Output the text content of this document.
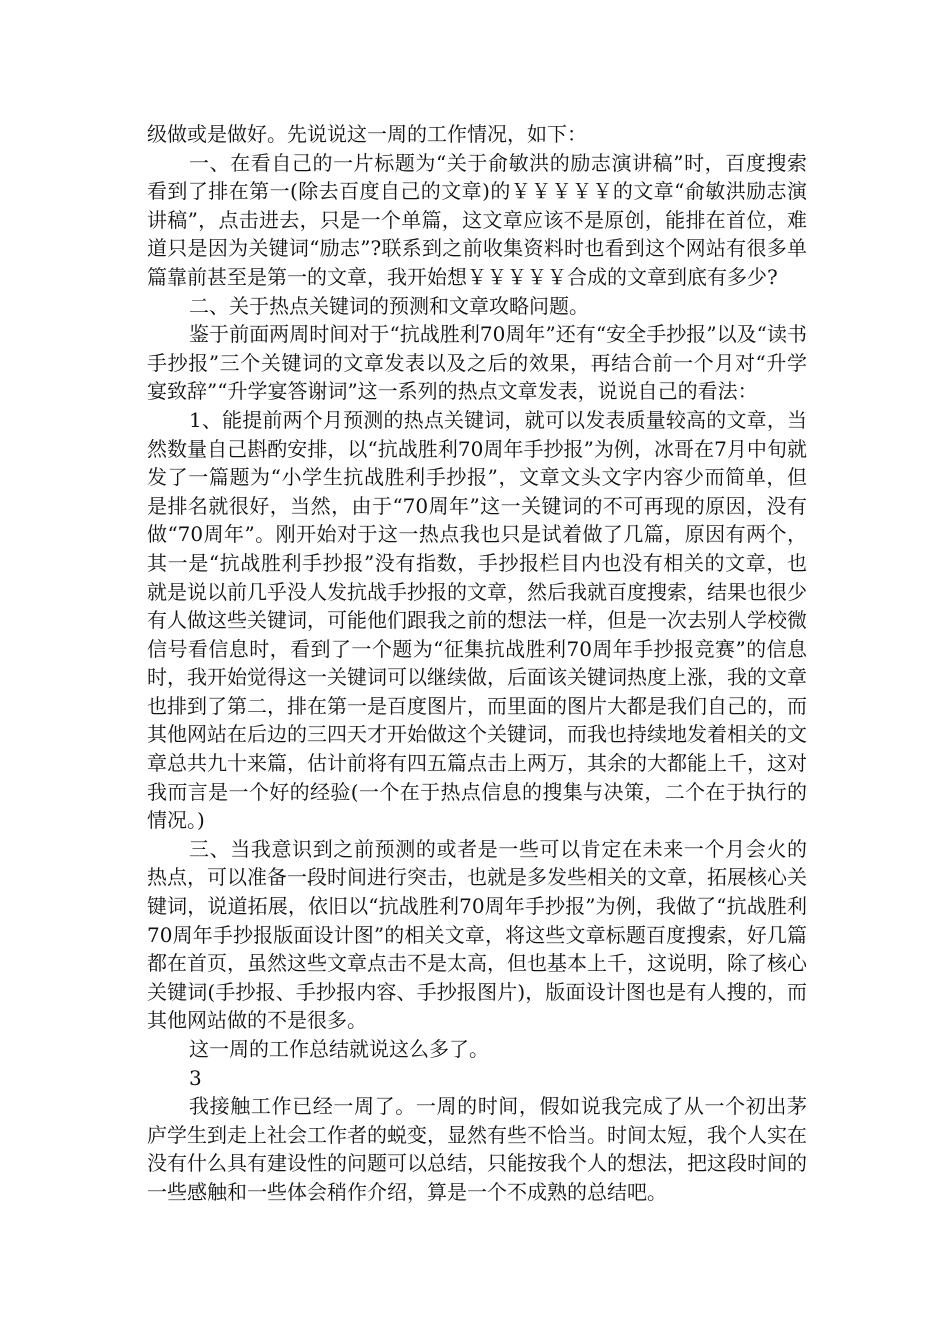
级做或是做好。先说说这一周的工作情况，如下：

一、在看自己的一片标题为“关于俞敏洪的励志演讲稿”时，百度搜索看到了排在第一(除去百度自己的文章)的￥￥￥￥￥的文章“俞敏洪励志演讲稿”，点击进去，只是一个单篇，这文章应该不是原创，能排在首位，难道只是因为关键词“励志”?联系到之前收集资料时也看到这个网站有很多单篇靠前甚至是第一的文章，我开始想￥￥￥￥￥合成的文章到底有多少?

二、关于热点关键词的预测和文章攻略问题。

鉴于前面两周时间对于“抗战胜利70周年”还有“安全手抄报”以及“读书手抄报”三个关键词的文章发表以及之后的效果，再结合前一个月对“升学宴致辞”“升学宴答谢词”这一系列的热点文章发表，说说自己的看法：

1、能提前两个月预测的热点关键词，就可以发表质量较高的文章，当然数量自己斟酌安排，以“抗战胜利70周年手抄报”为例，冰哥在7月中旬就发了一篇题为“小学生抗战胜利手抄报”，文章文头文字内容少而简单，但是排名就很好，当然，由于“70周年”这一关键词的不可再现的原因，没有做“70周年”。刚开始对于这一热点我也只是试着做了几篇，原因有两个，其一是“抗战胜利手抄报”没有指数，手抄报栏目内也没有相关的文章，也就是说以前几乎没人发抗战手抄报的文章，然后我就百度搜索，结果也很少有人做这些关键词，可能他们跟我之前的想法一样，但是一次去别人学校微信号看信息时，看到了一个题为“征集抗战胜利70周年手抄报竞赛”的信息时，我开始觉得这一关键词可以继续做，后面该关键词热度上涨，我的文章也排到了第二，排在第一是百度图片，而里面的图片大都是我们自己的，而其他网站在后边的三四天才开始做这个关键词，而我也持续地发着相关的文章总共九十来篇，估计前将有四五篇点击上两万，其余的大都能上千，这对我而言是一个好的经验(一个在于热点信息的搜集与决策，二个在于执行的情况。)

三、当我意识到之前预测的或者是一些可以肯定在未来一个月会火的热点，可以准备一段时间进行突击，也就是多发些相关的文章，拓展核心关键词，说道拓展，依旧以“抗战胜利70周年手抄报”为例，我做了“抗战胜利70周年手抄报版面设计图”的相关文章，将这些文章标题百度搜索，好几篇都在首页，虽然这些文章点击不是太高，但也基本上千，这说明，除了核心关键词(手抄报、手抄报内容、手抄报图片)，版面设计图也是有人搜的，而其他网站做的不是很多。

这一周的工作总结就说这么多了。

3

我接触工作已经一周了。一周的时间，假如说我完成了从一个初出茅庐学生到走上社会工作者的蜕变，显然有些不恰当。时间太短，我个人实在没有什么具有建设性的问题可以总结，只能按我个人的想法，把这段时间的一些感触和一些体会稍作介绍，算是一个不成熟的总结吧。
